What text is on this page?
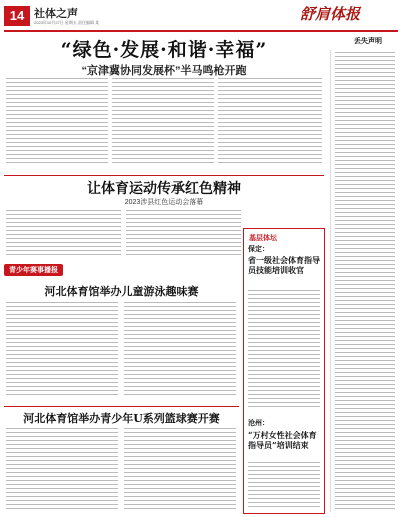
14 社体之声
2023年10月27日 星期五 责任编辑 某	舒肩体报
“绿色·发展·和谐·幸福”
“京津冀协同发展杯”半马鸣枪开跑
让体育运动传承红色精神
2023涉县红色运动会落幕
青少年赛事播报
河北体育馆举办儿童游泳趣味赛
河北体育馆举办青少年U系列篮球赛开赛
基层体坛
保定：
省一级社会体育指导员技能培训收官
沧州：
“万村女性社会体育指导员”培训结束
丢失声明
